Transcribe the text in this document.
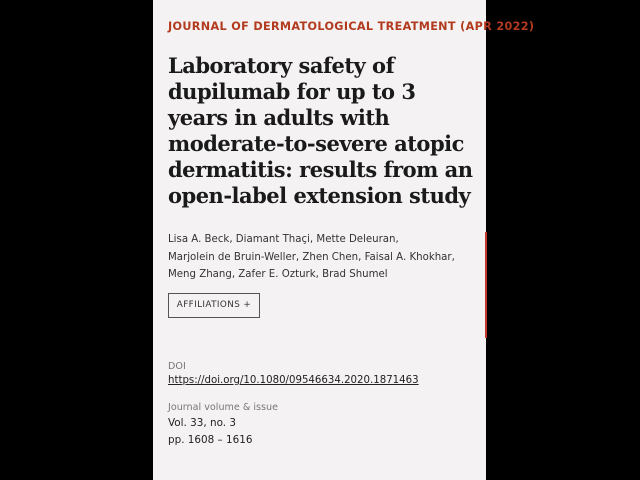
JOURNAL OF DERMATOLOGICAL TREATMENT (APR 2022)
Laboratory safety of dupilumab for up to 3 years in adults with moderate-to-severe atopic dermatitis: results from an open-label extension study
Lisa A. Beck, Diamant Thaçi, Mette Deleuran,
Marjolein de Bruin-Weller, Zhen Chen, Faisal A. Khokhar,
Meng Zhang, Zafer E. Ozturk, Brad Shumel
AFFILIATIONS +
DOI
https://doi.org/10.1080/09546634.2020.1871463
Journal volume & issue
Vol. 33, no. 3
pp. 1608 – 1616
